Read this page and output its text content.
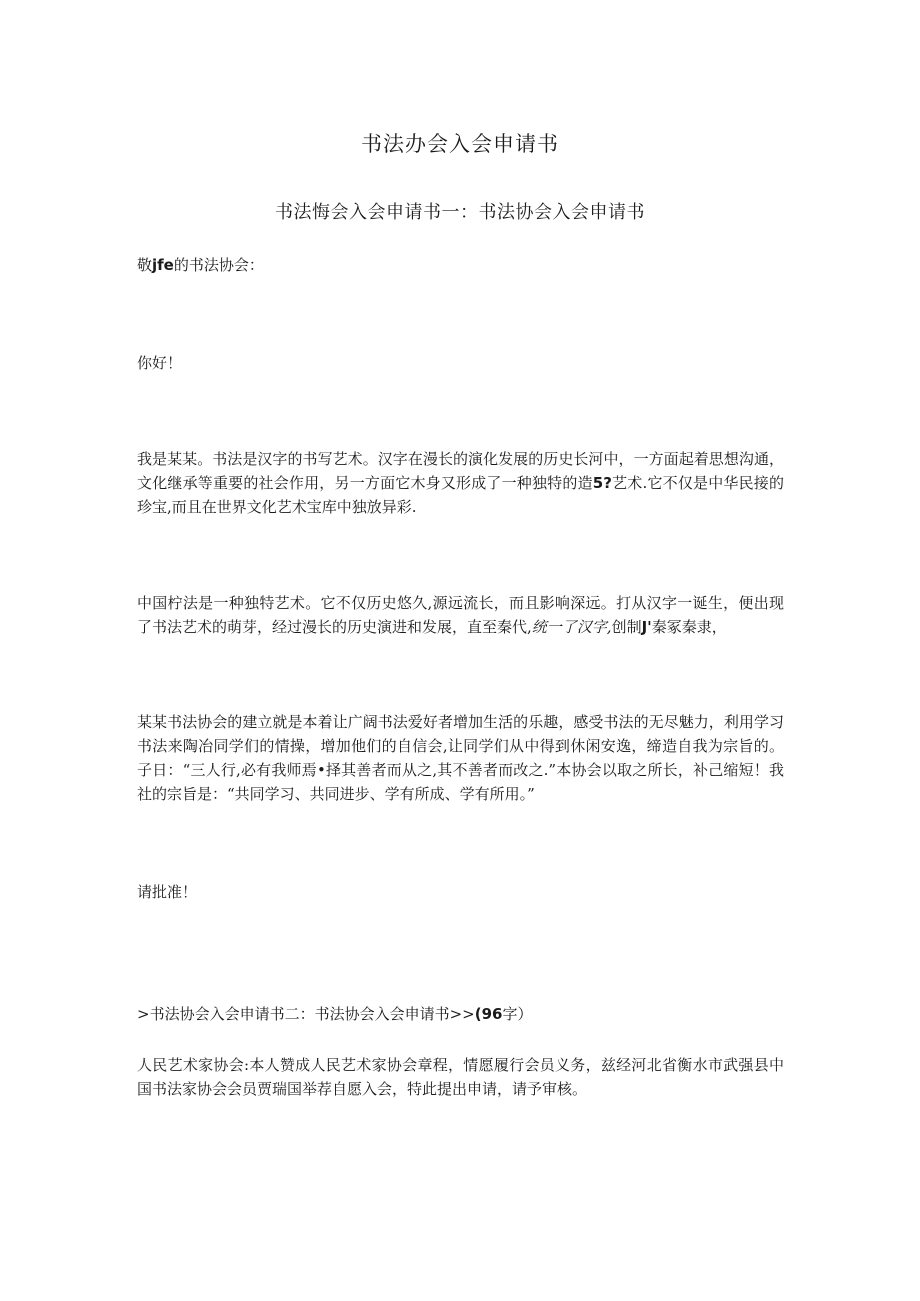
书法办会入会申请书
书法悔会入会申请书一：书法协会入会申请书

敬jfe的书法协会：

你好！

我是某某。书法是汉字的书写艺术。汉字在漫长的演化发展的历史长河中，一方面起着思想沟通，文化继承等重要的社会作用，另一方面它木身又形成了一种独特的造5?艺术.它不仅是中华民接的珍宝,而且在世界文化艺术宝库中独放异彩.

中国柠法是一种独特艺术。它不仅历史悠久,源远流长，而且影响深远。打从汉字一诞生，便出现了书法艺术的萌芽，经过漫长的历史演进和发展，直至秦代,统一了汉字,创制J'秦冢秦隶，

某某书法协会的建立就是本着让广阔书法爱好者增加生活的乐趣，感受书法的无尽魅力，利用学习书法来陶冶同学们的情操，增加他们的自信会,让同学们从中得到休闲安逸，缔造自我为宗旨的。子日：“三人行,必有我师焉•择其善者而从之,其不善者而改之.”本协会以取之所长，补己缩短！我社的宗旨是：“共同学习、共同进步、学有所成、学有所用。”

请批准！

>书法协会入会申请书二：书法协会入会申请书>>(96字）

人民艺术家协会:本人赞成人民艺术家协会章程，情愿履行会员义务，兹经河北省衡水市武强县中国书法家协会会员贾瑞国举荐自愿入会，特此提出申请，请予审核。
